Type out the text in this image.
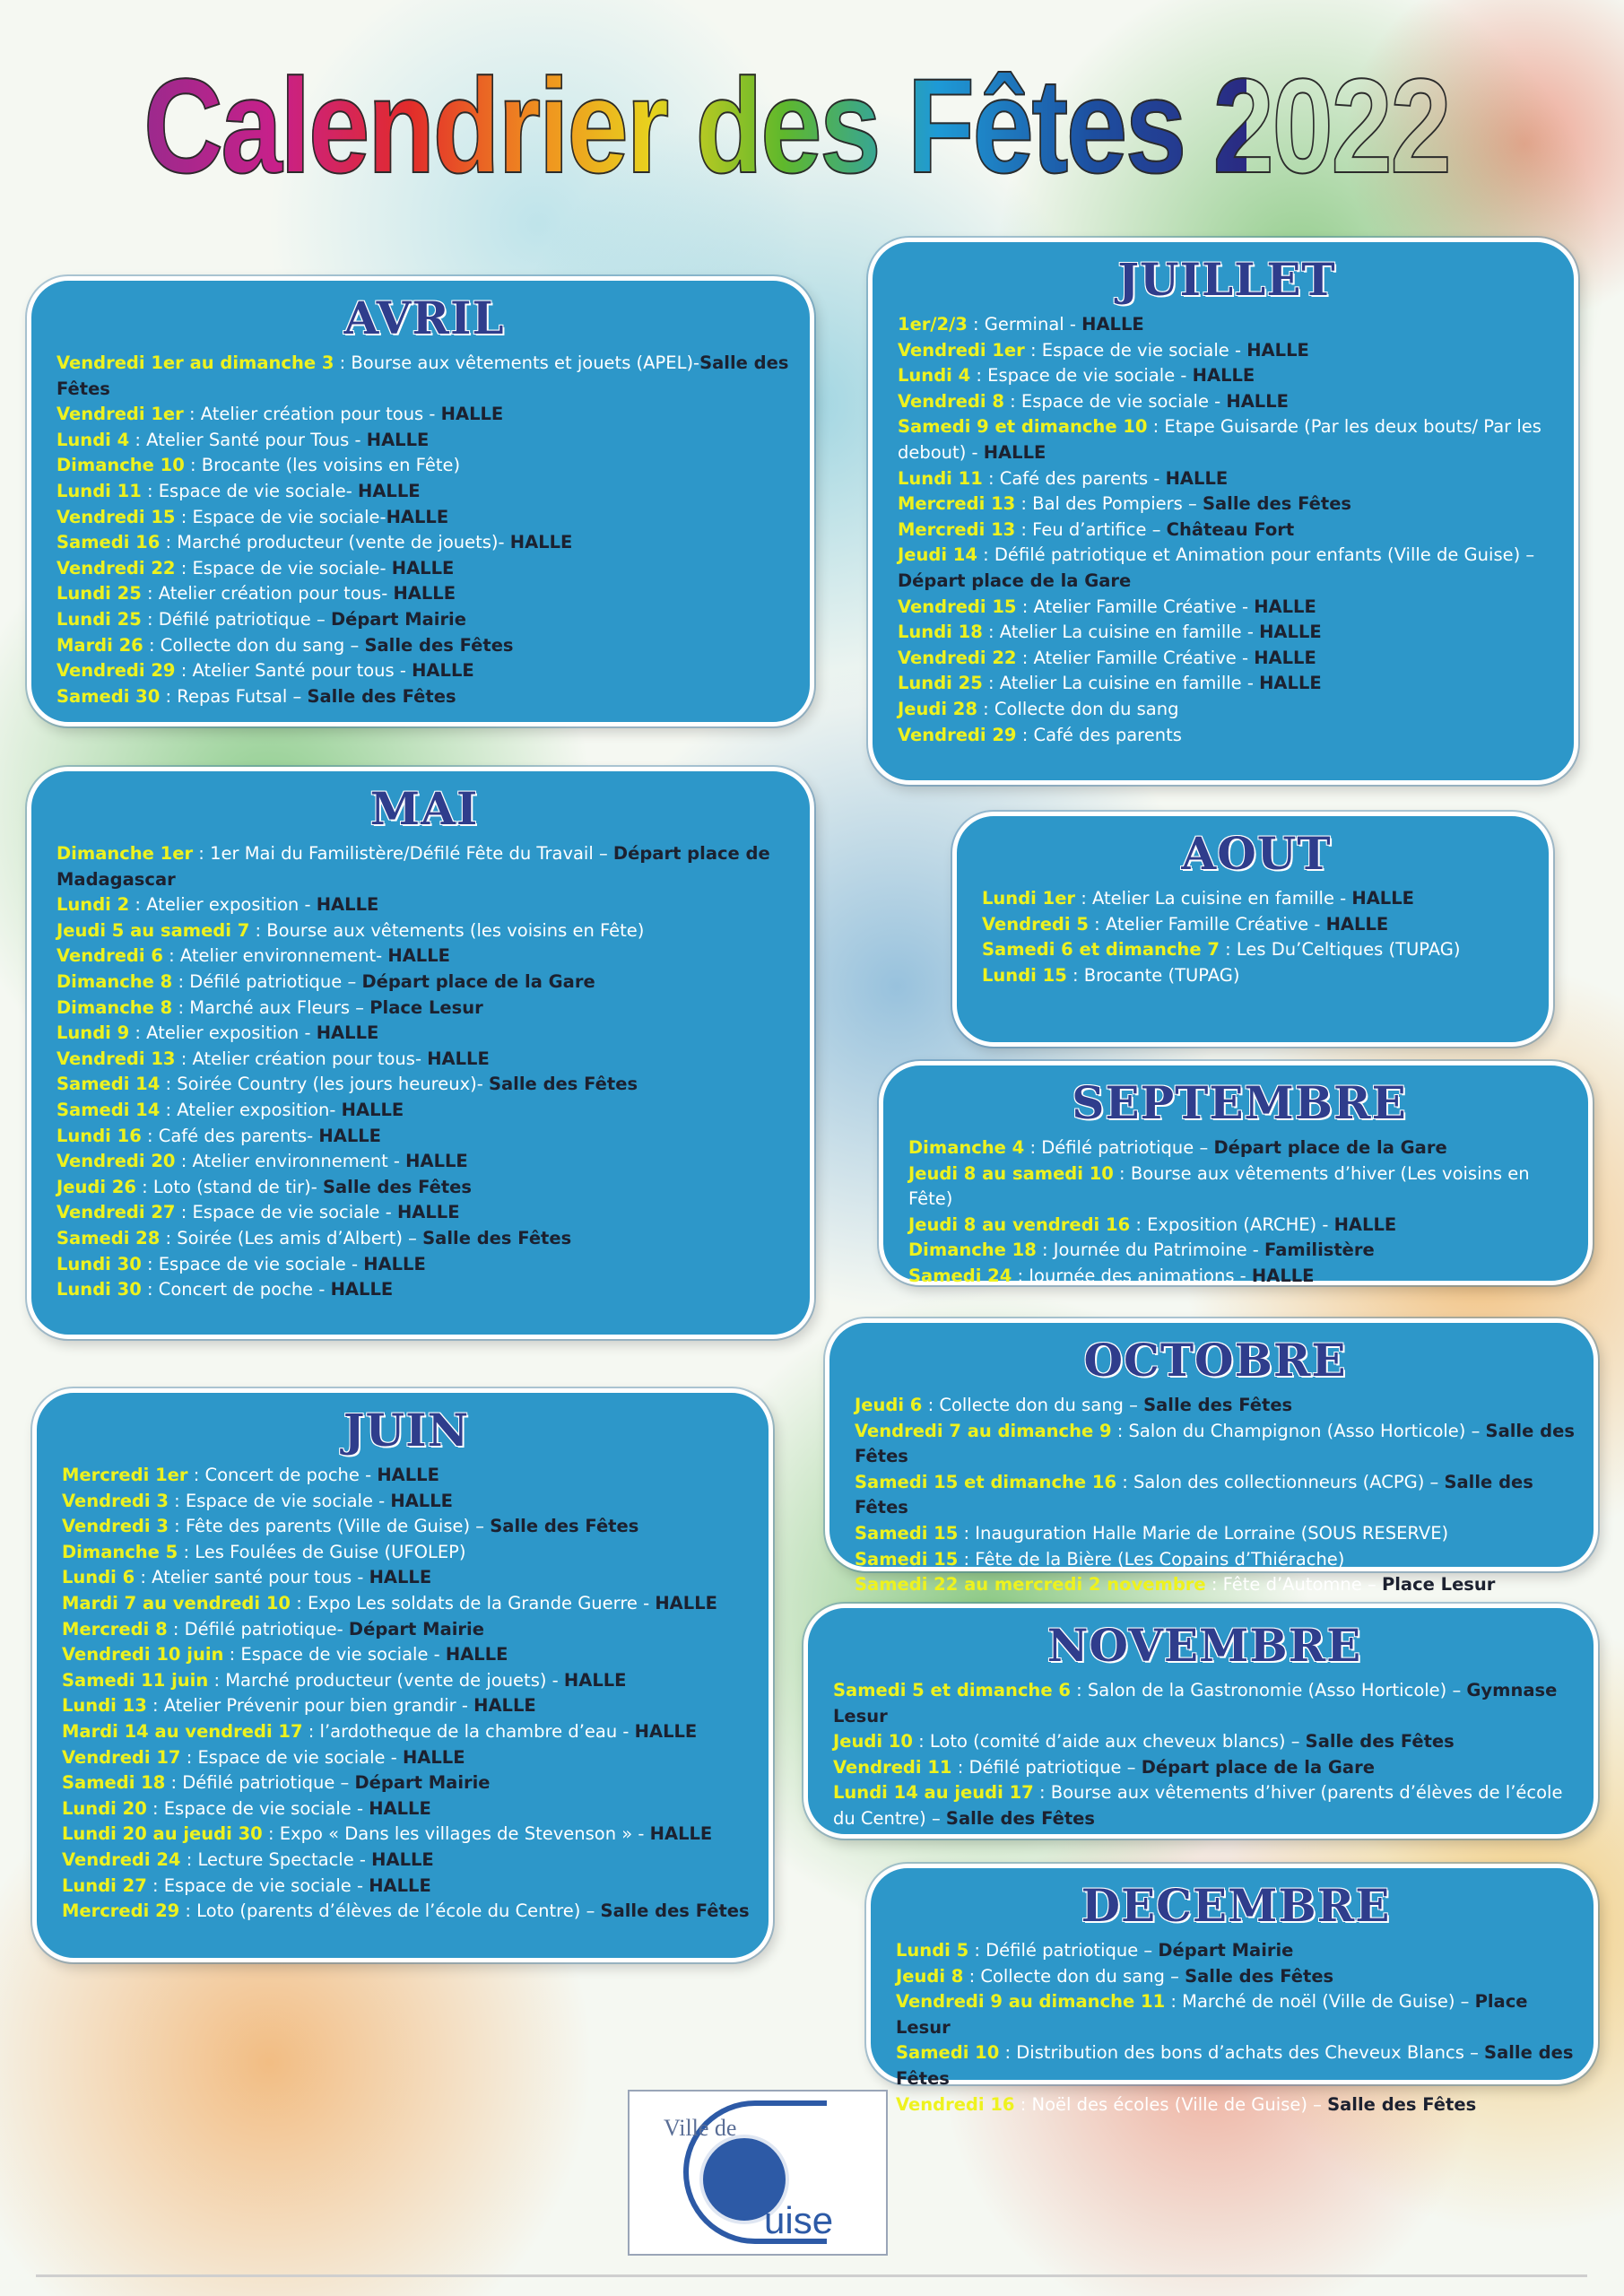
Calendrier des Fêtes 2022
AVRIL
Vendredi 1er au dimanche 3 : Bourse aux vêtements et jouets (APEL)-Salle des Fêtes
Vendredi 1er : Atelier création pour tous - HALLE
Lundi 4 : Atelier Santé pour Tous - HALLE
Dimanche 10 : Brocante (les voisins en Fête)
Lundi 11 : Espace de vie sociale- HALLE
Vendredi 15 : Espace de vie sociale-HALLE
Samedi 16 : Marché producteur (vente de jouets)- HALLE
Vendredi 22 : Espace de vie sociale- HALLE
Lundi 25 : Atelier création pour tous- HALLE
Lundi 25 : Défilé patriotique – Départ Mairie
Mardi 26 : Collecte don du sang – Salle des Fêtes
Vendredi 29 : Atelier Santé pour tous - HALLE
Samedi 30 : Repas Futsal – Salle des Fêtes
MAI
Dimanche 1er : 1er Mai du Familistère/Défilé Fête du Travail – Départ place de Madagascar
Lundi 2 : Atelier exposition - HALLE
Jeudi 5 au samedi 7 : Bourse aux vêtements (les voisins en Fête)
Vendredi 6 : Atelier environnement- HALLE
Dimanche 8 : Défilé patriotique – Départ place de la Gare
Dimanche 8 : Marché aux Fleurs – Place Lesur
Lundi 9 : Atelier exposition - HALLE
Vendredi 13 : Atelier création pour tous- HALLE
Samedi 14 : Soirée Country (les jours heureux)- Salle des Fêtes
Samedi 14 : Atelier exposition- HALLE
Lundi 16 : Café des parents- HALLE
Vendredi 20 : Atelier environnement - HALLE
Jeudi 26 : Loto (stand de tir)- Salle des Fêtes
Vendredi 27 : Espace de vie sociale - HALLE
Samedi 28 : Soirée (Les amis d’Albert) – Salle des Fêtes
Lundi 30 : Espace de vie sociale - HALLE
Lundi 30 : Concert de poche - HALLE
JUIN
Mercredi 1er : Concert de poche - HALLE
Vendredi 3 : Espace de vie sociale - HALLE
Vendredi 3 : Fête des parents (Ville de Guise) – Salle des Fêtes
Dimanche 5 : Les Foulées de Guise (UFOLEP)
Lundi 6 : Atelier santé pour tous - HALLE
Mardi 7 au vendredi 10 : Expo Les soldats de la Grande Guerre - HALLE
Mercredi 8 : Défilé patriotique- Départ Mairie
Vendredi 10 juin : Espace de vie sociale - HALLE
Samedi 11 juin : Marché producteur (vente de jouets) - HALLE
Lundi 13 : Atelier Prévenir pour bien grandir - HALLE
Mardi 14 au vendredi 17 : l’ardotheque de la chambre d’eau - HALLE
Vendredi 17 : Espace de vie sociale - HALLE
Samedi 18 : Défilé patriotique – Départ Mairie
Lundi 20 : Espace de vie sociale - HALLE
Lundi 20 au jeudi 30 : Expo « Dans les villages de Stevenson » - HALLE
Vendredi 24 : Lecture Spectacle - HALLE
Lundi 27 : Espace de vie sociale - HALLE
Mercredi 29 : Loto (parents d’élèves de l’école du Centre) – Salle des Fêtes
JUILLET
1er/2/3 : Germinal - HALLE
Vendredi 1er : Espace de vie sociale - HALLE
Lundi 4 : Espace de vie sociale - HALLE
Vendredi 8 : Espace de vie sociale - HALLE
Samedi 9 et dimanche 10 : Etape Guisarde (Par les deux bouts/ Par les debout) - HALLE
Lundi 11 : Café des parents - HALLE
Mercredi 13 : Bal des Pompiers – Salle des Fêtes
Mercredi 13 : Feu d’artifice – Château Fort
Jeudi 14 : Défilé patriotique et Animation pour enfants (Ville de Guise) – Départ place de la Gare
Vendredi 15 : Atelier Famille Créative - HALLE
Lundi 18 : Atelier La cuisine en famille - HALLE
Vendredi 22 : Atelier Famille Créative - HALLE
Lundi 25 : Atelier La cuisine en famille - HALLE
Jeudi 28 : Collecte don du sang
Vendredi 29 : Café des parents
AOUT
Lundi 1er : Atelier La cuisine en famille - HALLE
Vendredi 5 : Atelier Famille Créative - HALLE
Samedi 6 et dimanche 7 : Les Du’Celtiques (TUPAG)
Lundi 15 : Brocante (TUPAG)
SEPTEMBRE
Dimanche 4 : Défilé patriotique – Départ place de la Gare
Jeudi 8 au samedi 10 : Bourse aux vêtements d’hiver (Les voisins en Fête)
Jeudi 8 au vendredi 16 : Exposition (ARCHE) - HALLE
Dimanche 18 : Journée du Patrimoine - Familistère
Samedi 24 : Journée des animations - HALLE
OCTOBRE
Jeudi 6 : Collecte don du sang – Salle des Fêtes
Vendredi 7 au dimanche 9 : Salon du Champignon (Asso Horticole) – Salle des Fêtes
Samedi 15 et dimanche 16 : Salon des collectionneurs (ACPG) – Salle des Fêtes
Samedi 15 : Inauguration Halle Marie de Lorraine (SOUS RESERVE)
Samedi 15 : Fête de la Bière (Les Copains d’Thiérache)
Samedi 22 au mercredi 2 novembre : Fête d’Automne – Place Lesur
NOVEMBRE
Samedi 5 et dimanche 6 : Salon de la Gastronomie (Asso Horticole) – Gymnase Lesur
Jeudi 10 : Loto (comité d’aide aux cheveux blancs) – Salle des Fêtes
Vendredi 11 : Défilé patriotique – Départ place de la Gare
Lundi 14 au jeudi 17 : Bourse aux vêtements d’hiver (parents d’élèves de l’école du Centre) – Salle des Fêtes
DECEMBRE
Lundi 5 : Défilé patriotique – Départ Mairie
Jeudi 8 : Collecte don du sang – Salle des Fêtes
Vendredi 9 au dimanche 11 : Marché de noël (Ville de Guise) – Place Lesur
Samedi 10 : Distribution des bons d’achats des Cheveux Blancs – Salle des Fêtes
Vendredi 16 : Noël des écoles (Ville de Guise) – Salle des Fêtes
Ville de
uise
